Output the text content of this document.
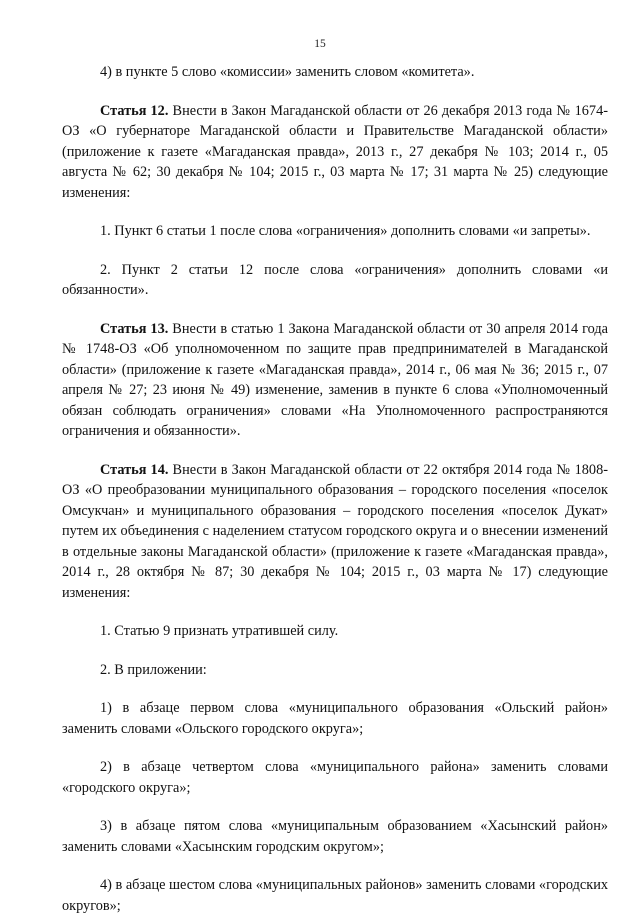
15

4) в пункте 5 слово «комиссии» заменить словом «комитета».

Статья 12. Внести в Закон Магаданской области от 26 декабря 2013 года № 1674-ОЗ «О губернаторе Магаданской области и Правительстве Магаданской области» (приложение к газете «Магаданская правда», 2013 г., 27 декабря № 103; 2014 г., 05 августа № 62; 30 декабря № 104; 2015 г., 03 марта № 17; 31 марта № 25) следующие изменения:

1. Пункт 6 статьи 1 после слова «ограничения» дополнить словами «и запреты».

2. Пункт 2 статьи 12 после слова «ограничения» дополнить словами «и обязанности».

Статья 13. Внести в статью 1 Закона Магаданской области от 30 апреля 2014 года № 1748-ОЗ «Об уполномоченном по защите прав предпринимателей в Магаданской области» (приложение к газете «Магаданская правда», 2014 г., 06 мая № 36; 2015 г., 07 апреля № 27; 23 июня № 49) изменение, заменив в пункте 6 слова «Уполномоченный обязан соблюдать ограничения» словами «На Уполномоченного распространяются ограничения и обязанности».

Статья 14. Внести в Закон Магаданской области от 22 октября 2014 года № 1808-ОЗ «О преобразовании муниципального образования – городского поселения «поселок Омсукчан» и муниципального образования – городского поселения «поселок Дукат» путем их объединения с наделением статусом городского округа и о внесении изменений в отдельные законы Магаданской области» (приложение к газете «Магаданская правда», 2014 г., 28 октября № 87; 30 декабря № 104; 2015 г., 03 марта № 17) следующие изменения:

1. Статью 9 признать утратившей силу.

2. В приложении:

1) в абзаце первом слова «муниципального образования «Ольский район» заменить словами «Ольского городского округа»;

2) в абзаце четвертом слова «муниципального района» заменить словами «городского округа»;

3) в абзаце пятом слова «муниципальным образованием «Хасынский район» заменить словами «Хасынским городским округом»;

4) в абзаце шестом слова «муниципальных районов» заменить словами «городских округов»;
